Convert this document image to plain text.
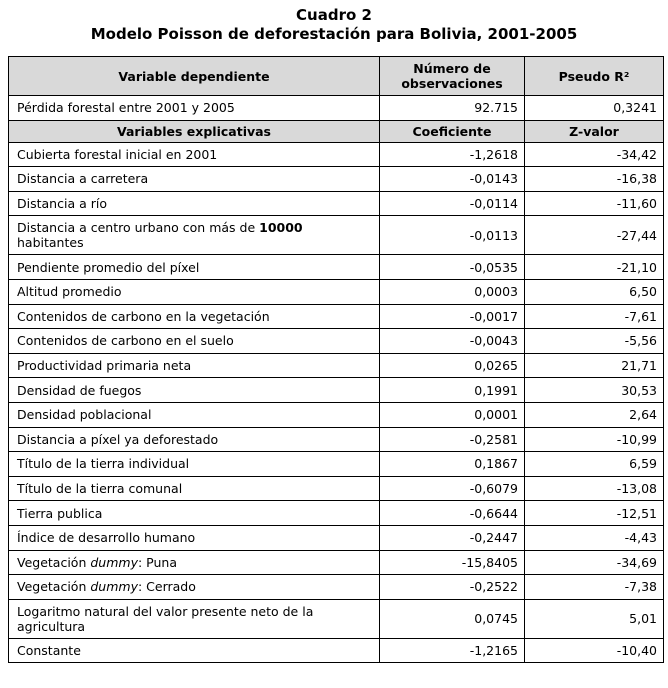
Cuadro 2
Modelo Poisson de deforestación para Bolivia, 2001-2005
Variable dependiente	Número de observaciones	Pseudo R²
Pérdida forestal entre 2001 y 2005	92.715	0,3241
Variables explicativas	Coeficiente	Z-valor
Cubierta forestal inicial en 2001	-1,2618	-34,42
Distancia a carretera	-0,0143	-16,38
Distancia a río	-0,0114	-11,60
Distancia a centro urbano con más de 10000 habitantes	-0,0113	-27,44
Pendiente promedio del píxel	-0,0535	-21,10
Altitud promedio	0,0003	6,50
Contenidos de carbono en la vegetación	-0,0017	-7,61
Contenidos de carbono en el suelo	-0,0043	-5,56
Productividad primaria neta	0,0265	21,71
Densidad de fuegos	0,1991	30,53
Densidad poblacional	0,0001	2,64
Distancia a píxel ya deforestado	-0,2581	-10,99
Título de la tierra individual	0,1867	6,59
Título de la tierra comunal	-0,6079	-13,08
Tierra publica	-0,6644	-12,51
Índice de desarrollo humano	-0,2447	-4,43
Vegetación dummy: Puna	-15,8405	-34,69
Vegetación dummy: Cerrado	-0,2522	-7,38
Logaritmo natural del valor presente neto de la agricultura	0,0745	5,01
Constante	-1,2165	-10,40
